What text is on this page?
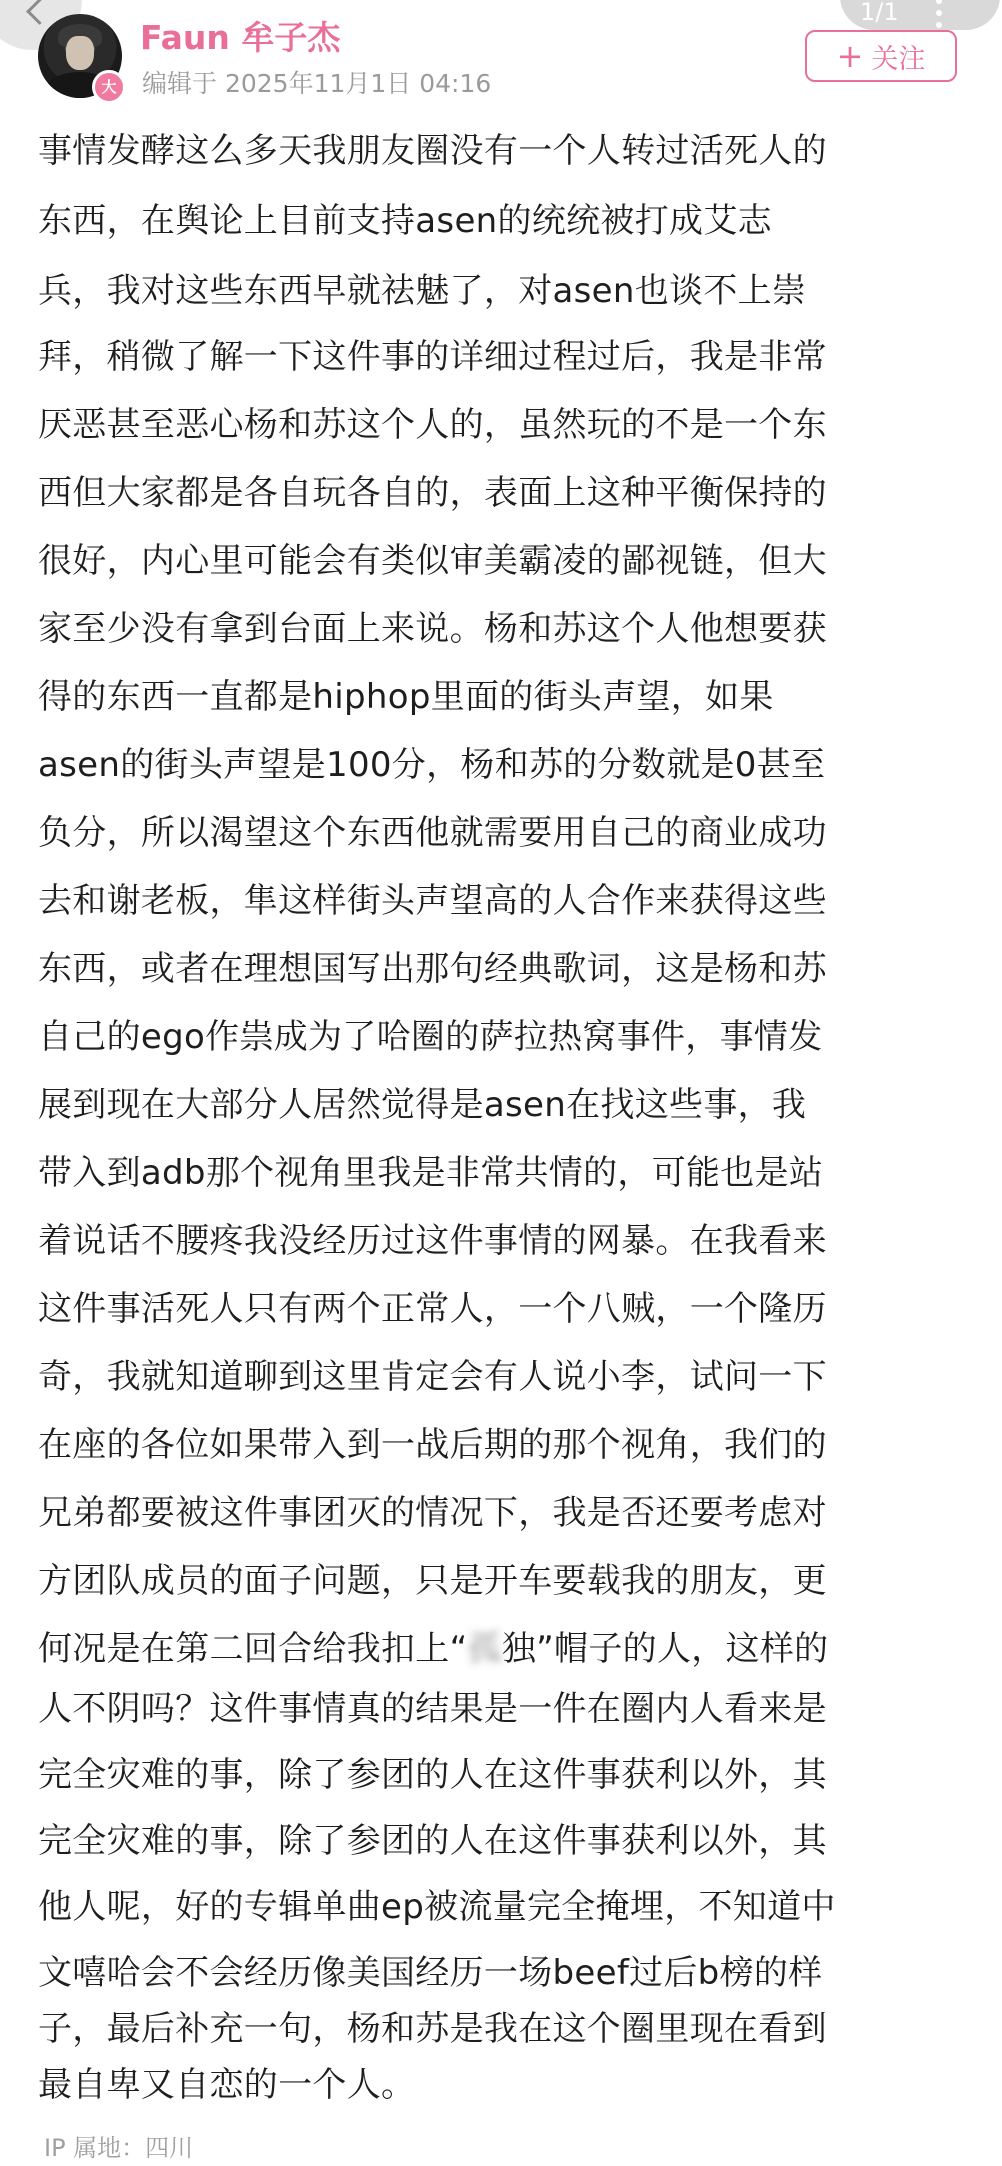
大
Faun 牟子杰
编辑于 2025年11月1日 04:16
1/1
+ 关注
事情发酵这么多天我朋友圈没有一个人转过活死人的
东西，在舆论上目前支持asen的统统被打成艾志
兵，我对这些东西早就祛魅了，对asen也谈不上崇
拜，稍微了解一下这件事的详细过程过后，我是非常
厌恶甚至恶心杨和苏这个人的，虽然玩的不是一个东
西但大家都是各自玩各自的，表面上这种平衡保持的
很好，内心里可能会有类似审美霸凌的鄙视链，但大
家至少没有拿到台面上来说。杨和苏这个人他想要获
得的东西一直都是hiphop里面的街头声望，如果
asen的街头声望是100分，杨和苏的分数就是0甚至
负分，所以渴望这个东西他就需要用自己的商业成功
去和谢老板，隼这样街头声望高的人合作来获得这些
东西，或者在理想国写出那句经典歌词，这是杨和苏
自己的ego作祟成为了哈圈的萨拉热窝事件，事情发
展到现在大部分人居然觉得是asen在找这些事，我
带入到adb那个视角里我是非常共情的，可能也是站
着说话不腰疼我没经历过这件事情的网暴。在我看来
这件事活死人只有两个正常人，一个八贼，一个隆历
奇，我就知道聊到这里肯定会有人说小李，试问一下
在座的各位如果带入到一战后期的那个视角，我们的
兄弟都要被这件事团灭的情况下，我是否还要考虑对
方团队成员的面子问题，只是开车要载我的朋友，更
何况是在第二回合给我扣上“孤独”帽子的人，这样的
人不阴吗？这件事情真的结果是一件在圈内人看来是
完全灾难的事，除了参团的人在这件事获利以外，其
完全灾难的事，除了参团的人在这件事获利以外，其
他人呢，好的专辑单曲ep被流量完全掩埋，不知道中
文嘻哈会不会经历像美国经历一场beef过后b榜的样
子，最后补充一句，杨和苏是我在这个圈里现在看到
IP 属地：四川
最自卑又自恋的一个人。
